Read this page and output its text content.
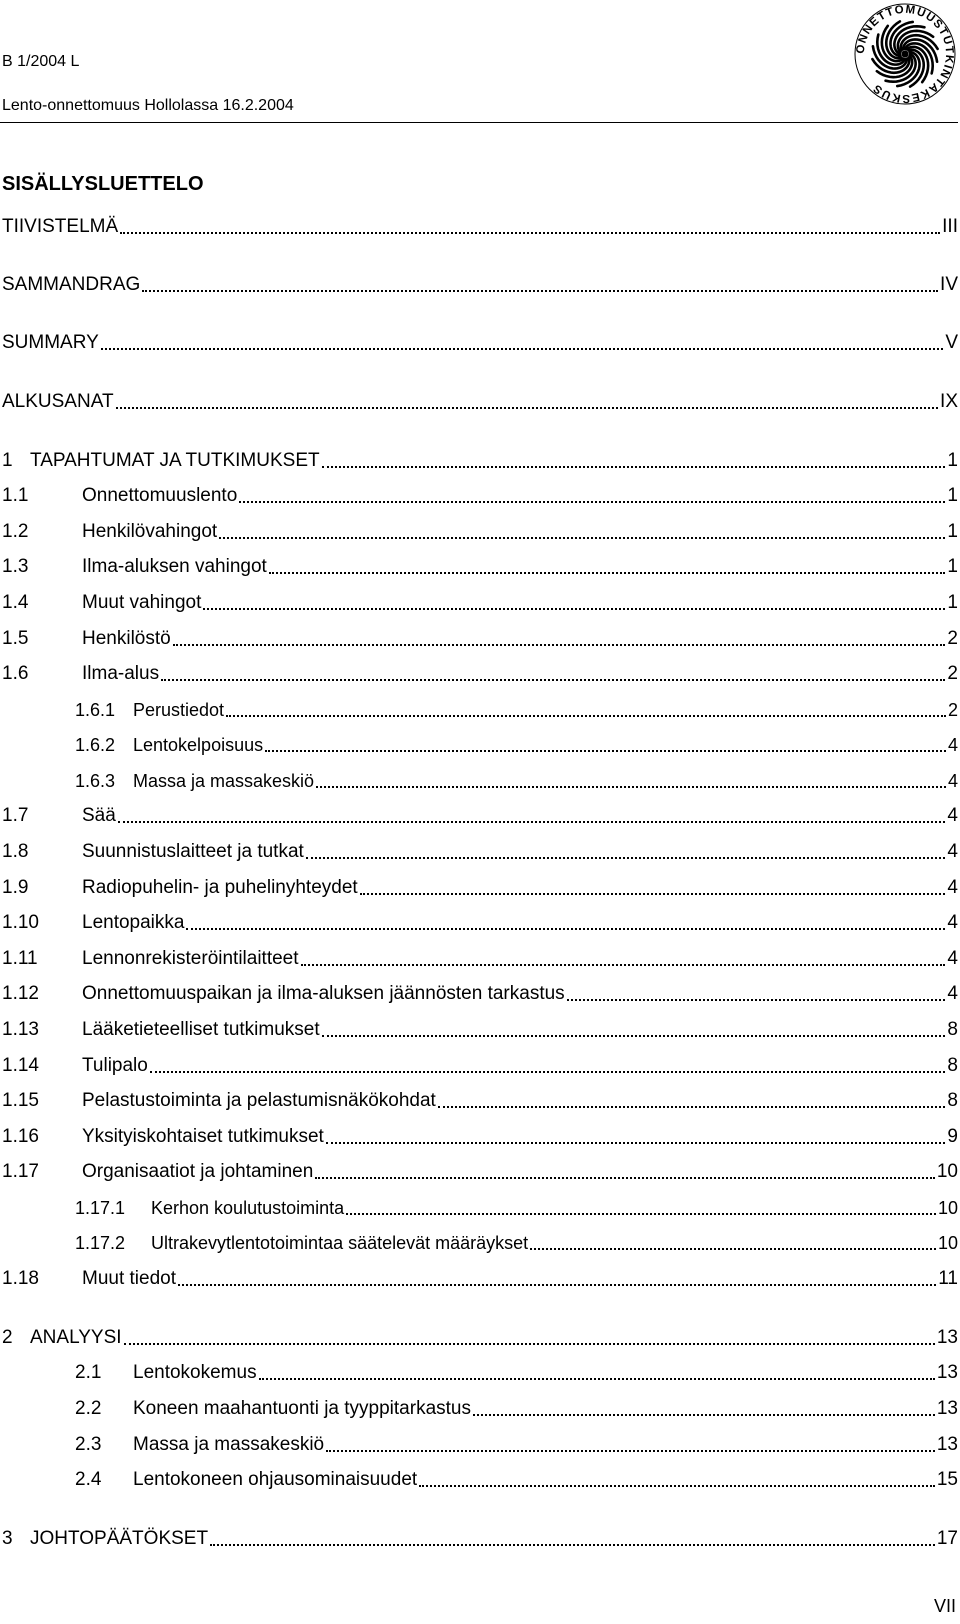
B 1/2004 L
Lento-onnettomuus Hollolassa 16.2.2004
ONNETTOMUUSTUTKINTAKESKUS
SISÄLLYSLUETTELO
TIIVISTELMÄ	III
SAMMANDRAG	IV
SUMMARY	V
ALKUSANAT	IX
1 TAPAHTUMAT JA TUTKIMUKSET	1
1.1	Onnettomuuslento	1
1.2	Henkilövahingot	1
1.3	Ilma-aluksen vahingot	1
1.4	Muut vahingot	1
1.5	Henkilöstö	2
1.6	Ilma-alus	2
1.6.1 Perustiedot	2
1.6.2 Lentokelpoisuus	4
1.6.3 Massa ja massakeskiö	4
1.7	Sää	4
1.8	Suunnistuslaitteet ja tutkat	4
1.9	Radiopuhelin- ja puhelinyhteydet	4
1.10	Lentopaikka	4
1.11	Lennonrekisteröintilaitteet	4
1.12	Onnettomuuspaikan ja ilma-aluksen jäännösten tarkastus	4
1.13	Lääketieteelliset tutkimukset	8
1.14	Tulipalo	8
1.15	Pelastustoiminta ja pelastumisnäkökohdat	8
1.16	Yksityiskohtaiset tutkimukset	9
1.17	Organisaatiot ja johtaminen	10
1.17.1	Kerhon koulutustoiminta	10
1.17.2	Ultrakevytlentotoimintaa säätelevät määräykset	10
1.18	Muut tiedot	11
2 ANALYYSI	13
2.1	Lentokokemus	13
2.2	Koneen maahantuonti ja tyyppitarkastus	13
2.3	Massa ja massakeskiö	13
2.4	Lentokoneen ohjausominaisuudet	15
3 JOHTOPÄÄTÖKSET	17
VII
